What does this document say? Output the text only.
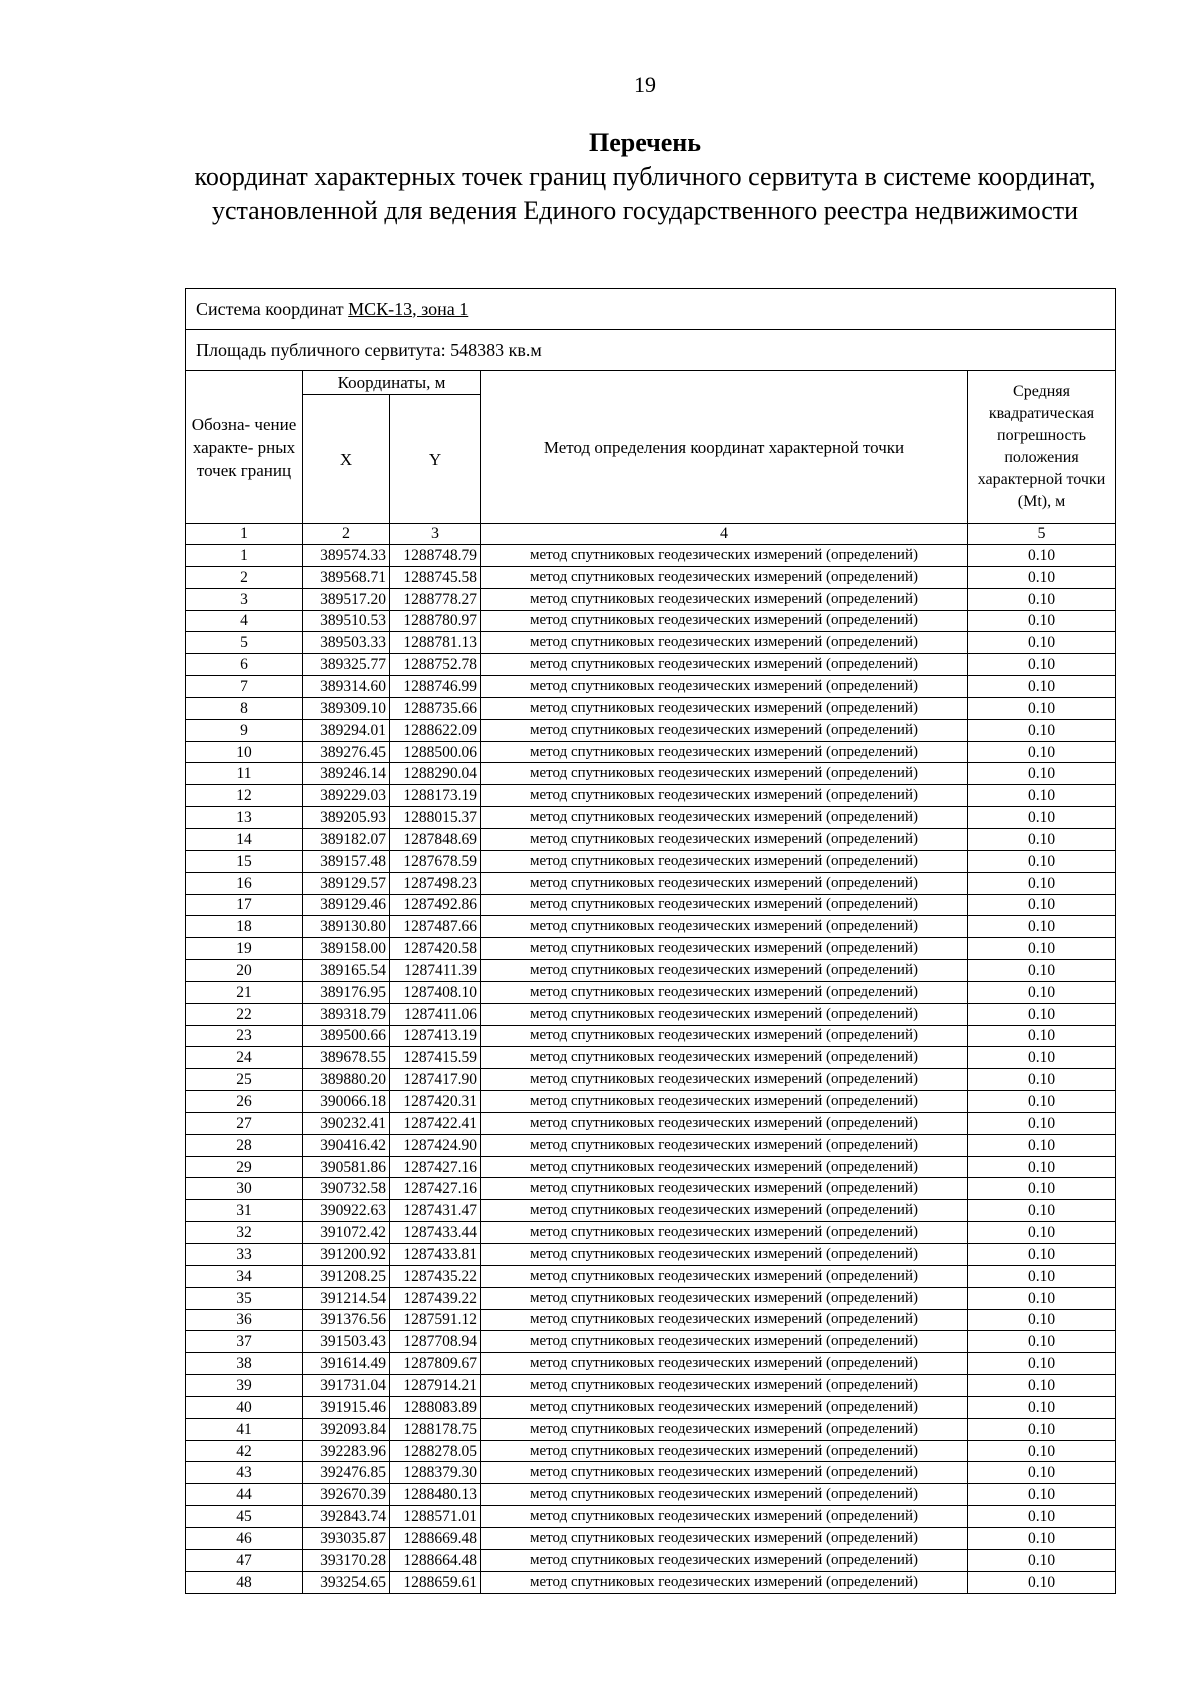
19
Перечень
координат характерных точек границ публичного сервитута в системе координат, установленной для ведения Единого государственного реестра недвижимости
Система координат МСК-13, зона 1				
Площадь публичного сервитута: 548383 кв.м				
Обозна- чение характе- рных точек границ	Координаты, м		Метод определения координат характерной точки	Средняя квадратическая погрешность положения характерной точки (Mt), м
	X	Y		
1	2	3	4	5
1	389574.33	1288748.79	метод спутниковых геодезических измерений (определений)	0.10
2	389568.71	1288745.58	метод спутниковых геодезических измерений (определений)	0.10
3	389517.20	1288778.27	метод спутниковых геодезических измерений (определений)	0.10
4	389510.53	1288780.97	метод спутниковых геодезических измерений (определений)	0.10
5	389503.33	1288781.13	метод спутниковых геодезических измерений (определений)	0.10
6	389325.77	1288752.78	метод спутниковых геодезических измерений (определений)	0.10
7	389314.60	1288746.99	метод спутниковых геодезических измерений (определений)	0.10
8	389309.10	1288735.66	метод спутниковых геодезических измерений (определений)	0.10
9	389294.01	1288622.09	метод спутниковых геодезических измерений (определений)	0.10
10	389276.45	1288500.06	метод спутниковых геодезических измерений (определений)	0.10
11	389246.14	1288290.04	метод спутниковых геодезических измерений (определений)	0.10
12	389229.03	1288173.19	метод спутниковых геодезических измерений (определений)	0.10
13	389205.93	1288015.37	метод спутниковых геодезических измерений (определений)	0.10
14	389182.07	1287848.69	метод спутниковых геодезических измерений (определений)	0.10
15	389157.48	1287678.59	метод спутниковых геодезических измерений (определений)	0.10
16	389129.57	1287498.23	метод спутниковых геодезических измерений (определений)	0.10
17	389129.46	1287492.86	метод спутниковых геодезических измерений (определений)	0.10
18	389130.80	1287487.66	метод спутниковых геодезических измерений (определений)	0.10
19	389158.00	1287420.58	метод спутниковых геодезических измерений (определений)	0.10
20	389165.54	1287411.39	метод спутниковых геодезических измерений (определений)	0.10
21	389176.95	1287408.10	метод спутниковых геодезических измерений (определений)	0.10
22	389318.79	1287411.06	метод спутниковых геодезических измерений (определений)	0.10
23	389500.66	1287413.19	метод спутниковых геодезических измерений (определений)	0.10
24	389678.55	1287415.59	метод спутниковых геодезических измерений (определений)	0.10
25	389880.20	1287417.90	метод спутниковых геодезических измерений (определений)	0.10
26	390066.18	1287420.31	метод спутниковых геодезических измерений (определений)	0.10
27	390232.41	1287422.41	метод спутниковых геодезических измерений (определений)	0.10
28	390416.42	1287424.90	метод спутниковых геодезических измерений (определений)	0.10
29	390581.86	1287427.16	метод спутниковых геодезических измерений (определений)	0.10
30	390732.58	1287427.16	метод спутниковых геодезических измерений (определений)	0.10
31	390922.63	1287431.47	метод спутниковых геодезических измерений (определений)	0.10
32	391072.42	1287433.44	метод спутниковых геодезических измерений (определений)	0.10
33	391200.92	1287433.81	метод спутниковых геодезических измерений (определений)	0.10
34	391208.25	1287435.22	метод спутниковых геодезических измерений (определений)	0.10
35	391214.54	1287439.22	метод спутниковых геодезических измерений (определений)	0.10
36	391376.56	1287591.12	метод спутниковых геодезических измерений (определений)	0.10
37	391503.43	1287708.94	метод спутниковых геодезических измерений (определений)	0.10
38	391614.49	1287809.67	метод спутниковых геодезических измерений (определений)	0.10
39	391731.04	1287914.21	метод спутниковых геодезических измерений (определений)	0.10
40	391915.46	1288083.89	метод спутниковых геодезических измерений (определений)	0.10
41	392093.84	1288178.75	метод спутниковых геодезических измерений (определений)	0.10
42	392283.96	1288278.05	метод спутниковых геодезических измерений (определений)	0.10
43	392476.85	1288379.30	метод спутниковых геодезических измерений (определений)	0.10
44	392670.39	1288480.13	метод спутниковых геодезических измерений (определений)	0.10
45	392843.74	1288571.01	метод спутниковых геодезических измерений (определений)	0.10
46	393035.87	1288669.48	метод спутниковых геодезических измерений (определений)	0.10
47	393170.28	1288664.48	метод спутниковых геодезических измерений (определений)	0.10
48	393254.65	1288659.61	метод спутниковых геодезических измерений (определений)	0.10
